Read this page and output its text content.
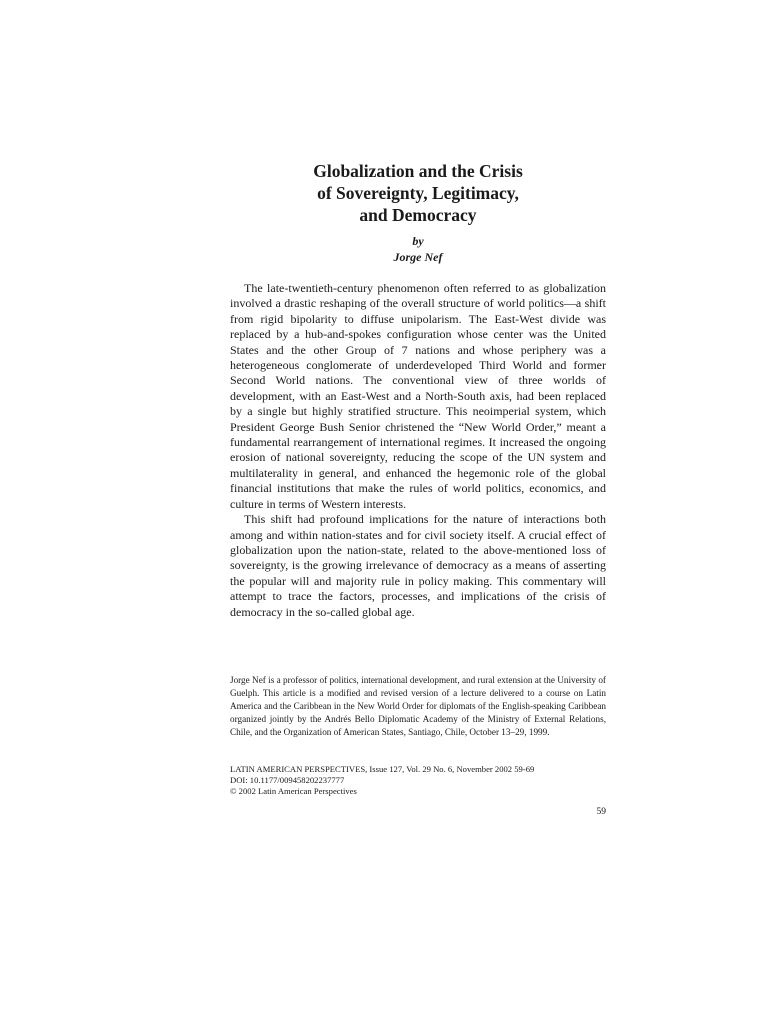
Globalization and the Crisis
of Sovereignty, Legitimacy,
and Democracy
by
Jorge Nef

The late-twentieth-century phenomenon often referred to as globalization involved a drastic reshaping of the overall structure of world politics—a shift from rigid bipolarity to diffuse unipolarism. The East-West divide was replaced by a hub-and-spokes configuration whose center was the United States and the other Group of 7 nations and whose periphery was a heterogeneous conglomerate of underdeveloped Third World and former Second World nations. The conventional view of three worlds of development, with an East-West and a North-South axis, had been replaced by a single but highly stratified structure. This neoimperial system, which President George Bush Senior christened the “New World Order,” meant a fundamental rearrangement of international regimes. It increased the ongoing erosion of national sovereignty, reducing the scope of the UN system and multilaterality in general, and enhanced the hegemonic role of the global financial institutions that make the rules of world politics, economics, and culture in terms of Western interests.

This shift had profound implications for the nature of interactions both among and within nation-states and for civil society itself. A crucial effect of globalization upon the nation-state, related to the above-mentioned loss of sovereignty, is the growing irrelevance of democracy as a means of asserting the popular will and majority rule in policy making. This commentary will attempt to trace the factors, processes, and implications of the crisis of democracy in the so-called global age.

Jorge Nef is a professor of politics, international development, and rural extension at the University of Guelph. This article is a modified and revised version of a lecture delivered to a course on Latin America and the Caribbean in the New World Order for diplomats of the English-speaking Caribbean organized jointly by the Andrés Bello Diplomatic Academy of the Ministry of External Relations, Chile, and the Organization of American States, Santiago, Chile, October 13–29, 1999.
LATIN AMERICAN PERSPECTIVES, Issue 127, Vol. 29 No. 6, November 2002 59-69
DOI: 10.1177/009458202237777
© 2002 Latin American Perspectives
59
